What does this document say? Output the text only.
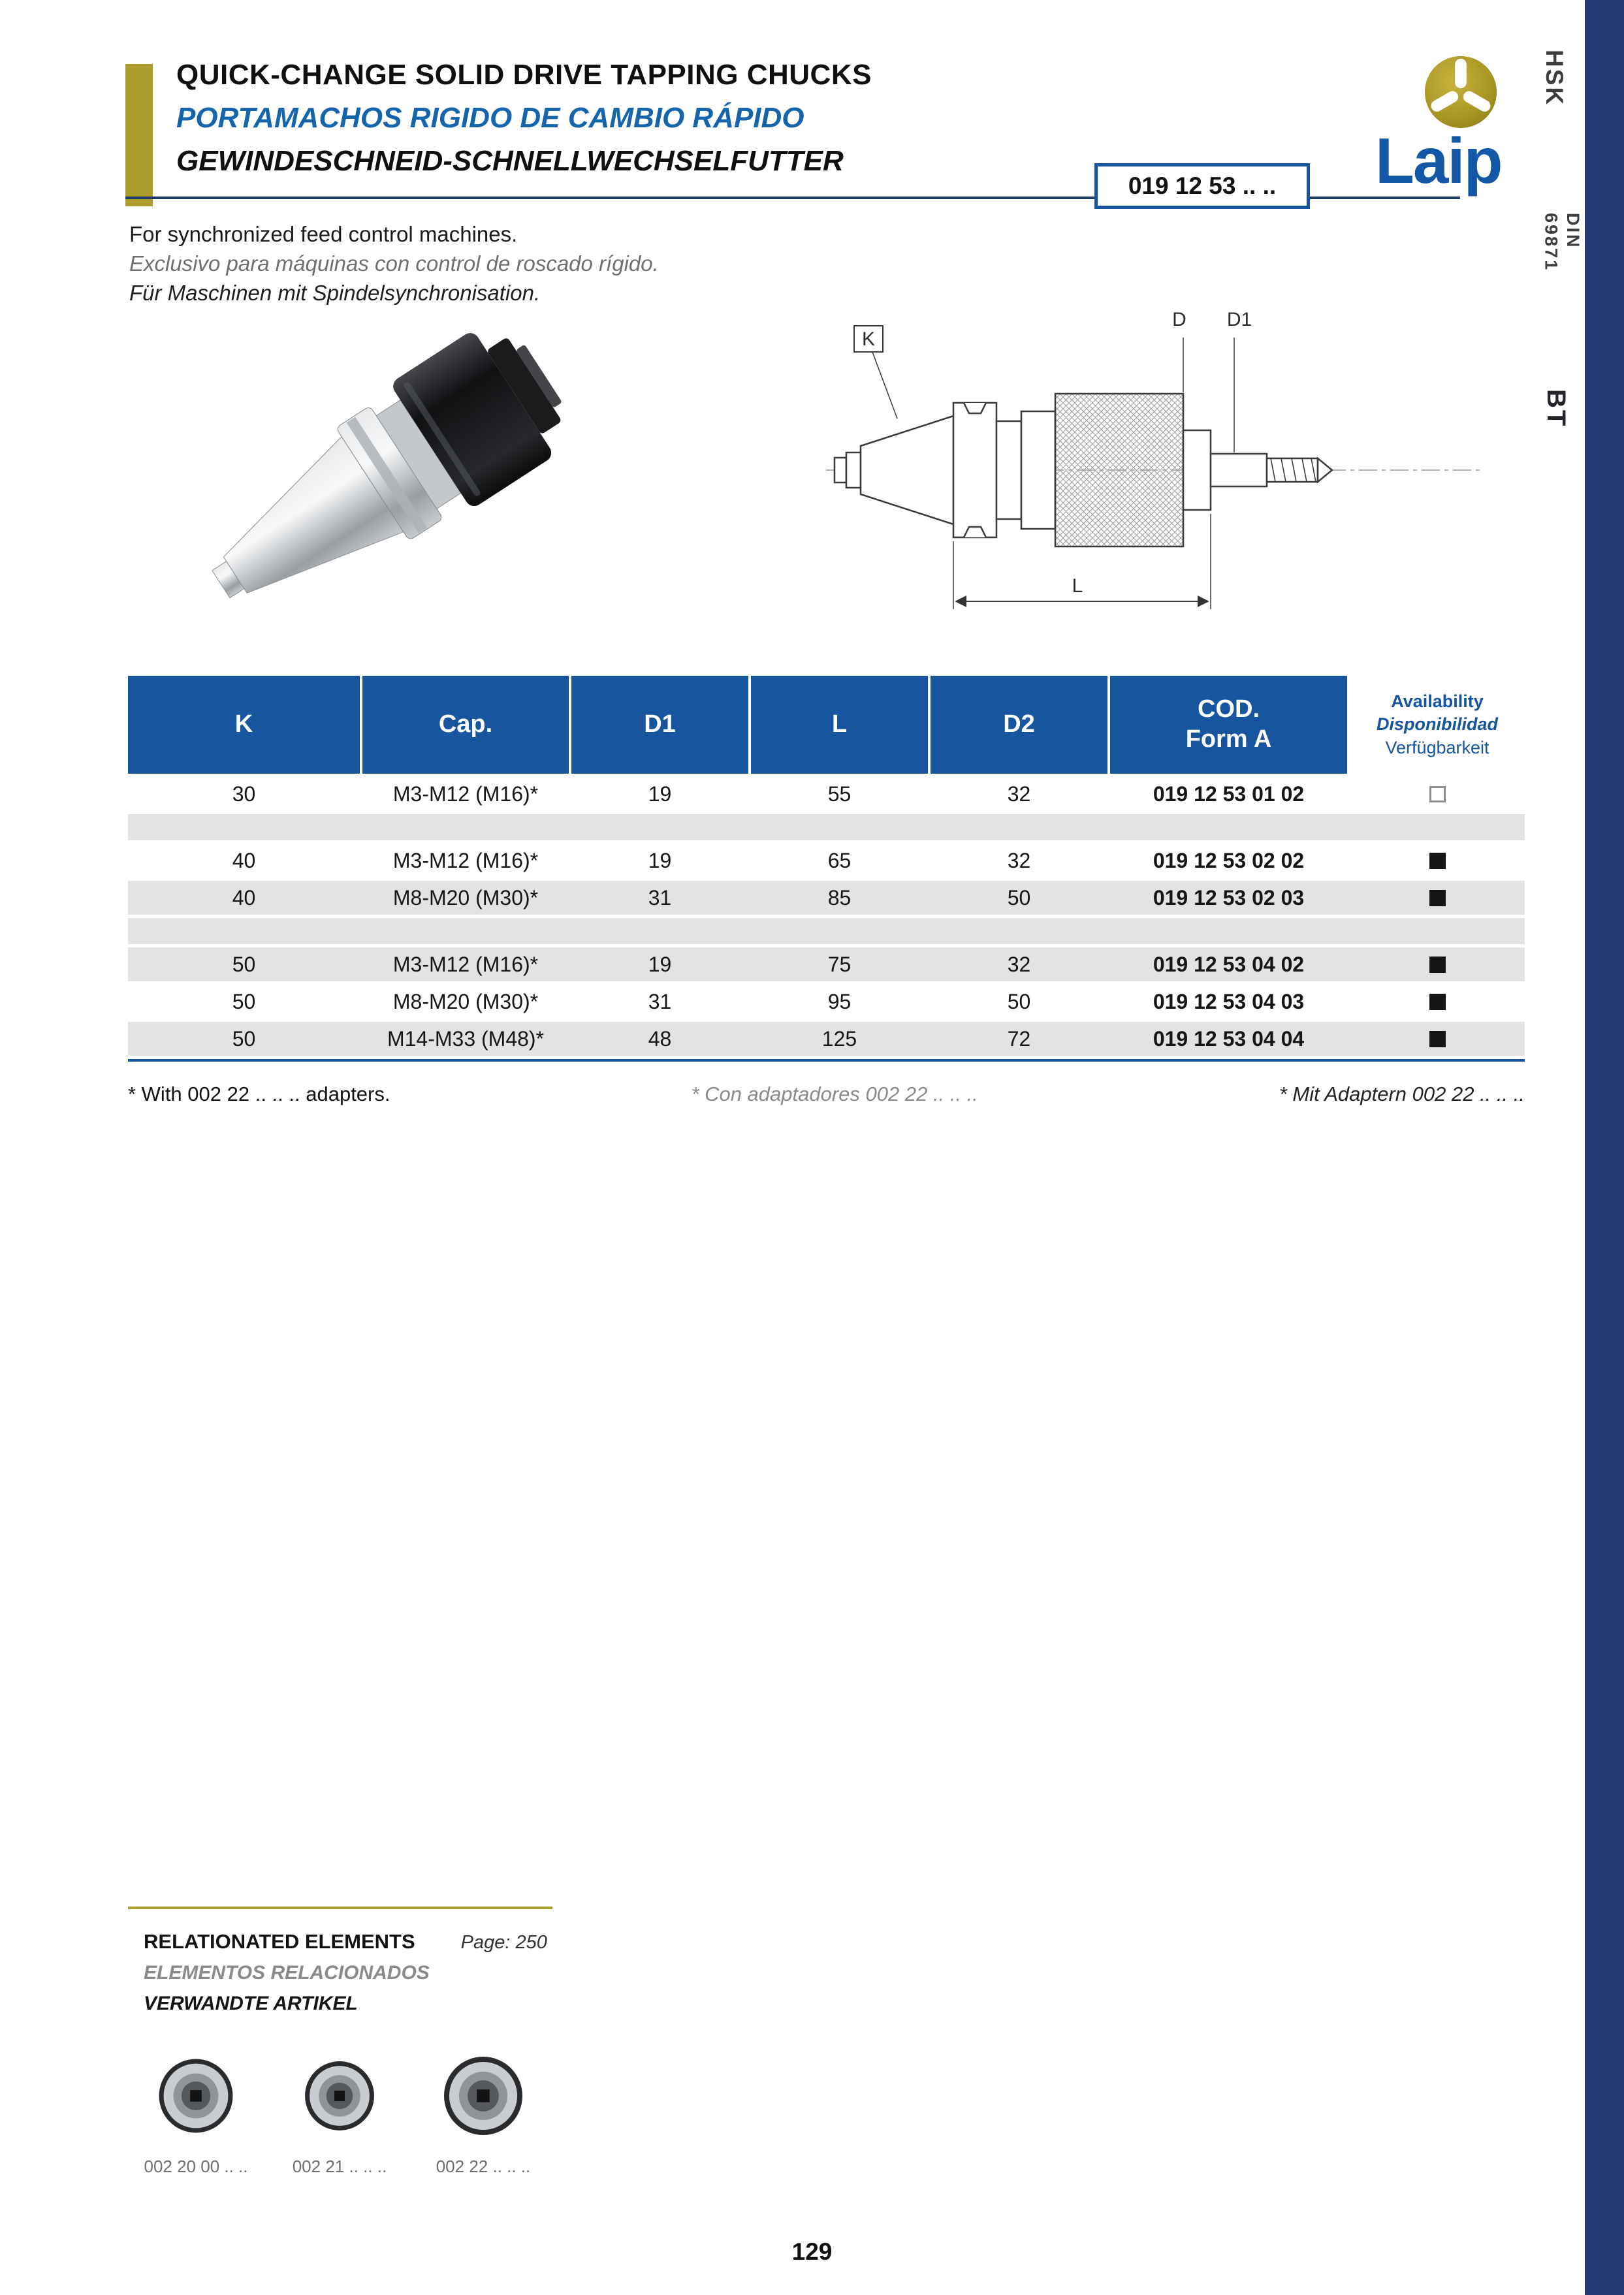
HSK
DIN
69871
BT
QUICK-CHANGE SOLID DRIVE TAPPING CHUCKS
PORTAMACHOS RIGIDO DE CAMBIO RÁPIDO
GEWINDESCHNEID-SCHNELLWECHSELFUTTER
019 12 53 .. ..	Laip
For synchronized feed control machines.
Exclusivo para máquinas con control de roscado rígido.
Für Maschinen mit Spindelsynchronisation.
K
D D1
L
K	Cap.	D1	L	D2
COD.
Form A
Availability
Disponibilidad
Verfügbarkeit
30	M3-M12 (M16)*	19	55	32	019 12 53 01 02
40	M3-M12 (M16)*	19	65	32	019 12 53 02 02
40	M8-M20 (M30)*	31	85	50	019 12 53 02 03
50	M3-M12 (M16)*	19	75	32	019 12 53 04 02
50	M8-M20 (M30)*	31	95	50	019 12 53 04 03
50	M14-M33 (M48)*	48	125	72	019 12 53 04 04
* With 002 22 .. .. .. adapters.	* Con adaptadores 002 22 .. .. ..	* Mit Adaptern 002 22 .. .. ..
RELATIONATED ELEMENTS Page: 250
ELEMENTOS RELACIONADOS
VERWANDTE ARTIKEL
002 20 00 .. ..	002 21 .. .. ..	002 22 .. .. ..
129
